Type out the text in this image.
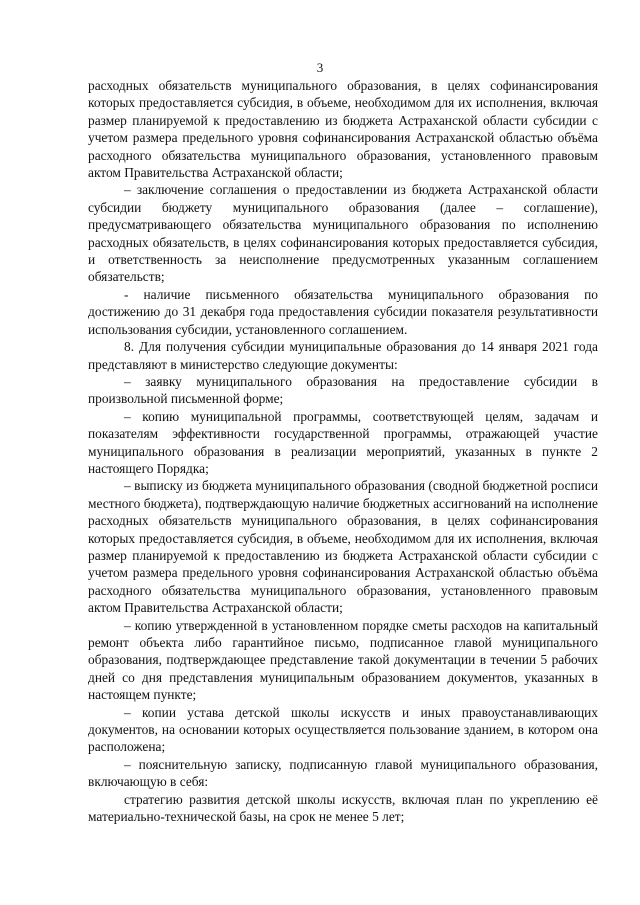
3

расходных обязательств муниципального образования, в целях софинансирования которых предоставляется субсидия, в объеме, необходимом для их исполнения, включая размер планируемой к предоставлению из бюджета Астраханской области субсидии с учетом размера предельного уровня софинансирования Астраханской областью объёма расходного обязательства муниципального образования, установленного правовым актом Правительства Астраханской области;

– заключение соглашения о предоставлении из бюджета Астраханской области субсидии бюджету муниципального образования (далее – соглашение), предусматривающего обязательства муниципального образования по исполнению расходных обязательств, в целях софинансирования которых предоставляется субсидия, и ответственность за неисполнение предусмотренных указанным соглашением обязательств;

- наличие письменного обязательства муниципального образования по достижению до 31 декабря года предоставления субсидии показателя результативности использования субсидии, установленного соглашением.

8. Для получения субсидии муниципальные образования до 14 января 2021 года представляют в министерство следующие документы:

– заявку муниципального образования на предоставление субсидии в произвольной письменной форме;

– копию муниципальной программы, соответствующей целям, задачам и показателям эффективности государственной программы, отражающей участие муниципального образования в реализации мероприятий, указанных в пункте 2 настоящего Порядка;

– выписку из бюджета муниципального образования (сводной бюджетной росписи местного бюджета), подтверждающую наличие бюджетных ассигнований на исполнение расходных обязательств муниципального образования, в целях софинансирования которых предоставляется субсидия, в объеме, необходимом для их исполнения, включая размер планируемой к предоставлению из бюджета Астраханской области субсидии с учетом размера предельного уровня софинансирования Астраханской областью объёма расходного обязательства муниципального образования, установленного правовым актом Правительства Астраханской области;

– копию утвержденной в установленном порядке сметы расходов на капитальный ремонт объекта либо гарантийное письмо, подписанное главой муниципального образования, подтверждающее представление такой документации в течении 5 рабочих дней со дня представления муниципальным образованием документов, указанных в настоящем пункте;

– копии устава детской школы искусств и иных правоустанавливающих документов, на основании которых осуществляется пользование зданием, в котором она расположена;

– пояснительную записку, подписанную главой муниципального образования, включающую в себя:

стратегию развития детской школы искусств, включая план по укреплению её материально-технической базы, на срок не менее 5 лет;
